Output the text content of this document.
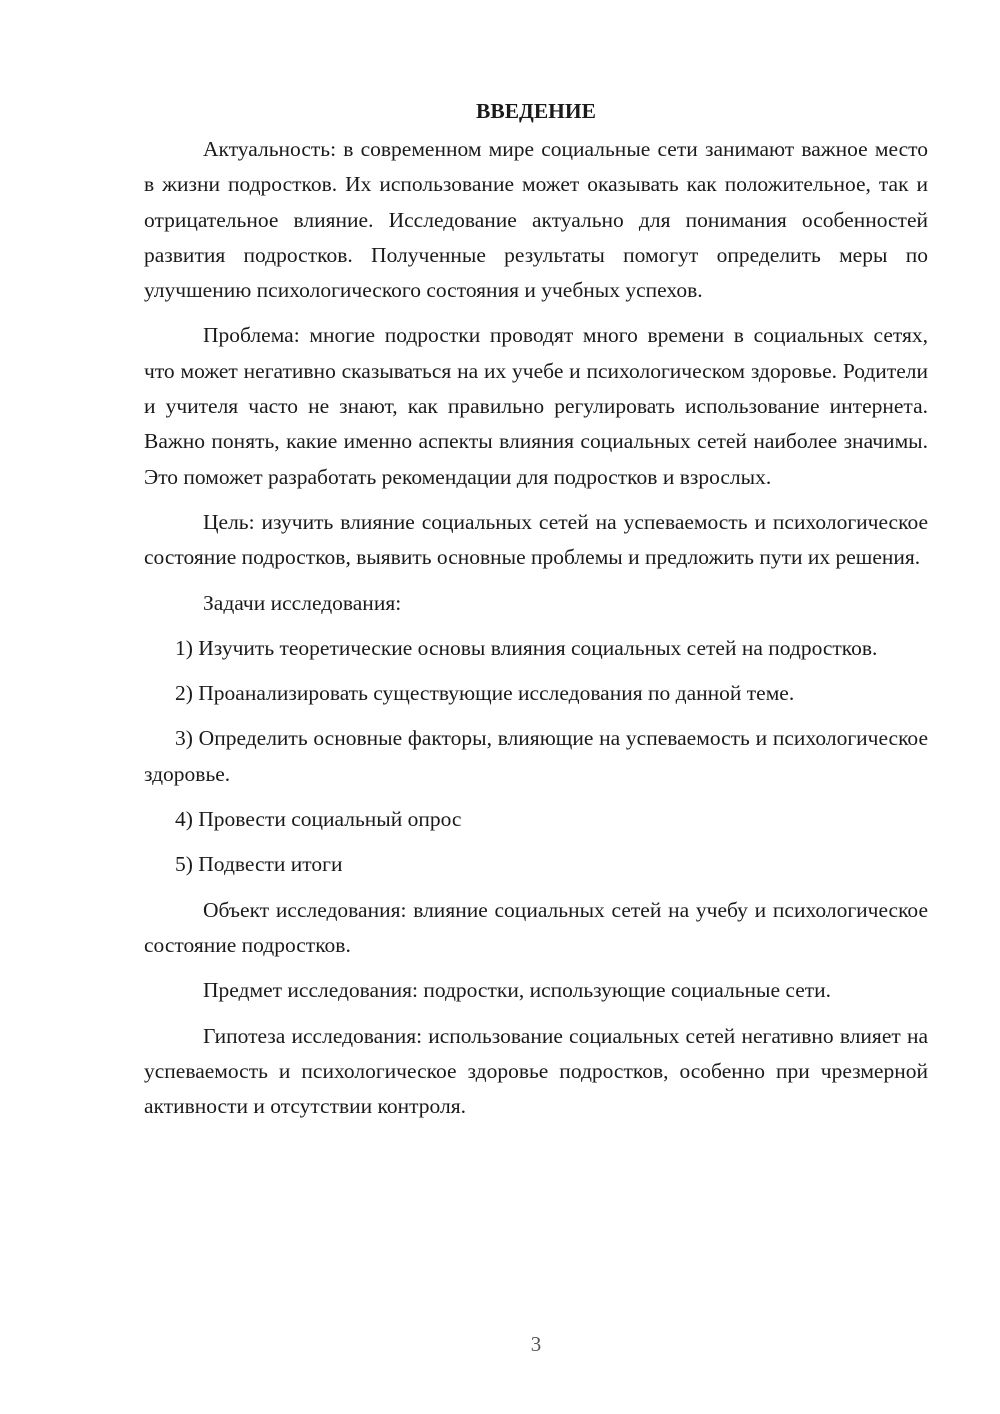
ВВЕДЕНИЕ

Актуальность: в современном мире социальные сети занимают важное место в жизни подростков. Их использование может оказывать как положительное, так и отрицательное влияние. Исследование актуально для понимания особенностей развития подростков. Полученные результаты помогут определить меры по улучшению психологического состояния и учебных успехов.

Проблема: многие подростки проводят много времени в социальных сетях, что может негативно сказываться на их учебе и психологическом здоровье. Родители и учителя часто не знают, как правильно регулировать использование интернета. Важно понять, какие именно аспекты влияния социальных сетей наиболее значимы. Это поможет разработать рекомендации для подростков и взрослых.

Цель: изучить влияние социальных сетей на успеваемость и психологическое состояние подростков, выявить основные проблемы и предложить пути их решения.

Задачи исследования:

1) Изучить теоретические основы влияния социальных сетей на подростков.

2) Проанализировать существующие исследования по данной теме.

3) Определить основные факторы, влияющие на успеваемость и психологическое здоровье.

4) Провести социальный опрос

5) Подвести итоги

Объект исследования: влияние социальных сетей на учебу и психологическое состояние подростков.

Предмет исследования: подростки, использующие социальные сети.

Гипотеза исследования: использование социальных сетей негативно влияет на успеваемость и психологическое здоровье подростков, особенно при чрезмерной активности и отсутствии контроля.

3
